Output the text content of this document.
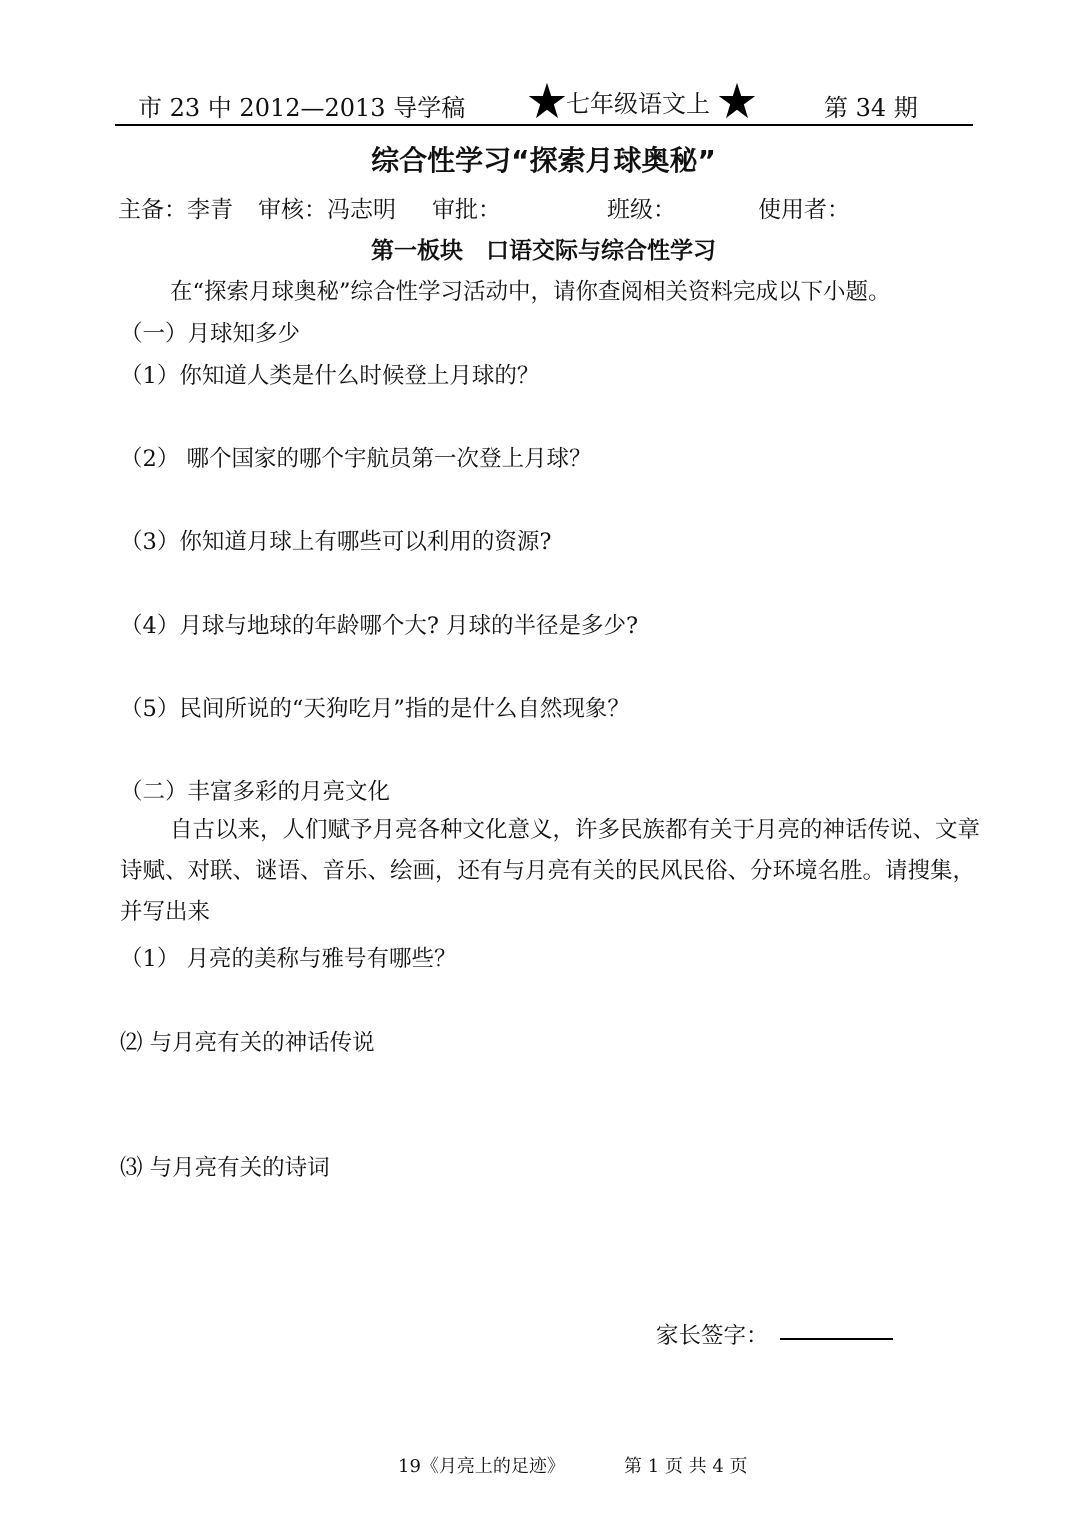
市 23 中 2012—2013 导学稿	七年级语文上	第 34 期
综合性学习“探索月球奥秘”
主备：李青 审核：冯志明 审批：	班级：	使用者：
第一板块　口语交际与综合性学习
在“探索月球奥秘”综合性学习活动中，请你查阅相关资料完成以下小题。
（一）月球知多少
（1）你知道人类是什么时候登上月球的？
（2） 哪个国家的哪个宇航员第一次登上月球？
（3）你知道月球上有哪些可以利用的资源?
（4）月球与地球的年龄哪个大? 月球的半径是多少?
（5）民间所说的“天狗吃月”指的是什么自然现象？
（二）丰富多彩的月亮文化
自古以来，人们赋予月亮各种文化意义，许多民族都有关于月亮的神话传说、文章诗赋、对联、谜语、音乐、绘画，还有与月亮有关的民风民俗、分环境名胜。请搜集，并写出来
（1） 月亮的美称与雅号有哪些？
⑵ 与月亮有关的神话传说
⑶ 与月亮有关的诗词
家长签字：
19《月亮上的足迹》	第 1 页 共 4 页
